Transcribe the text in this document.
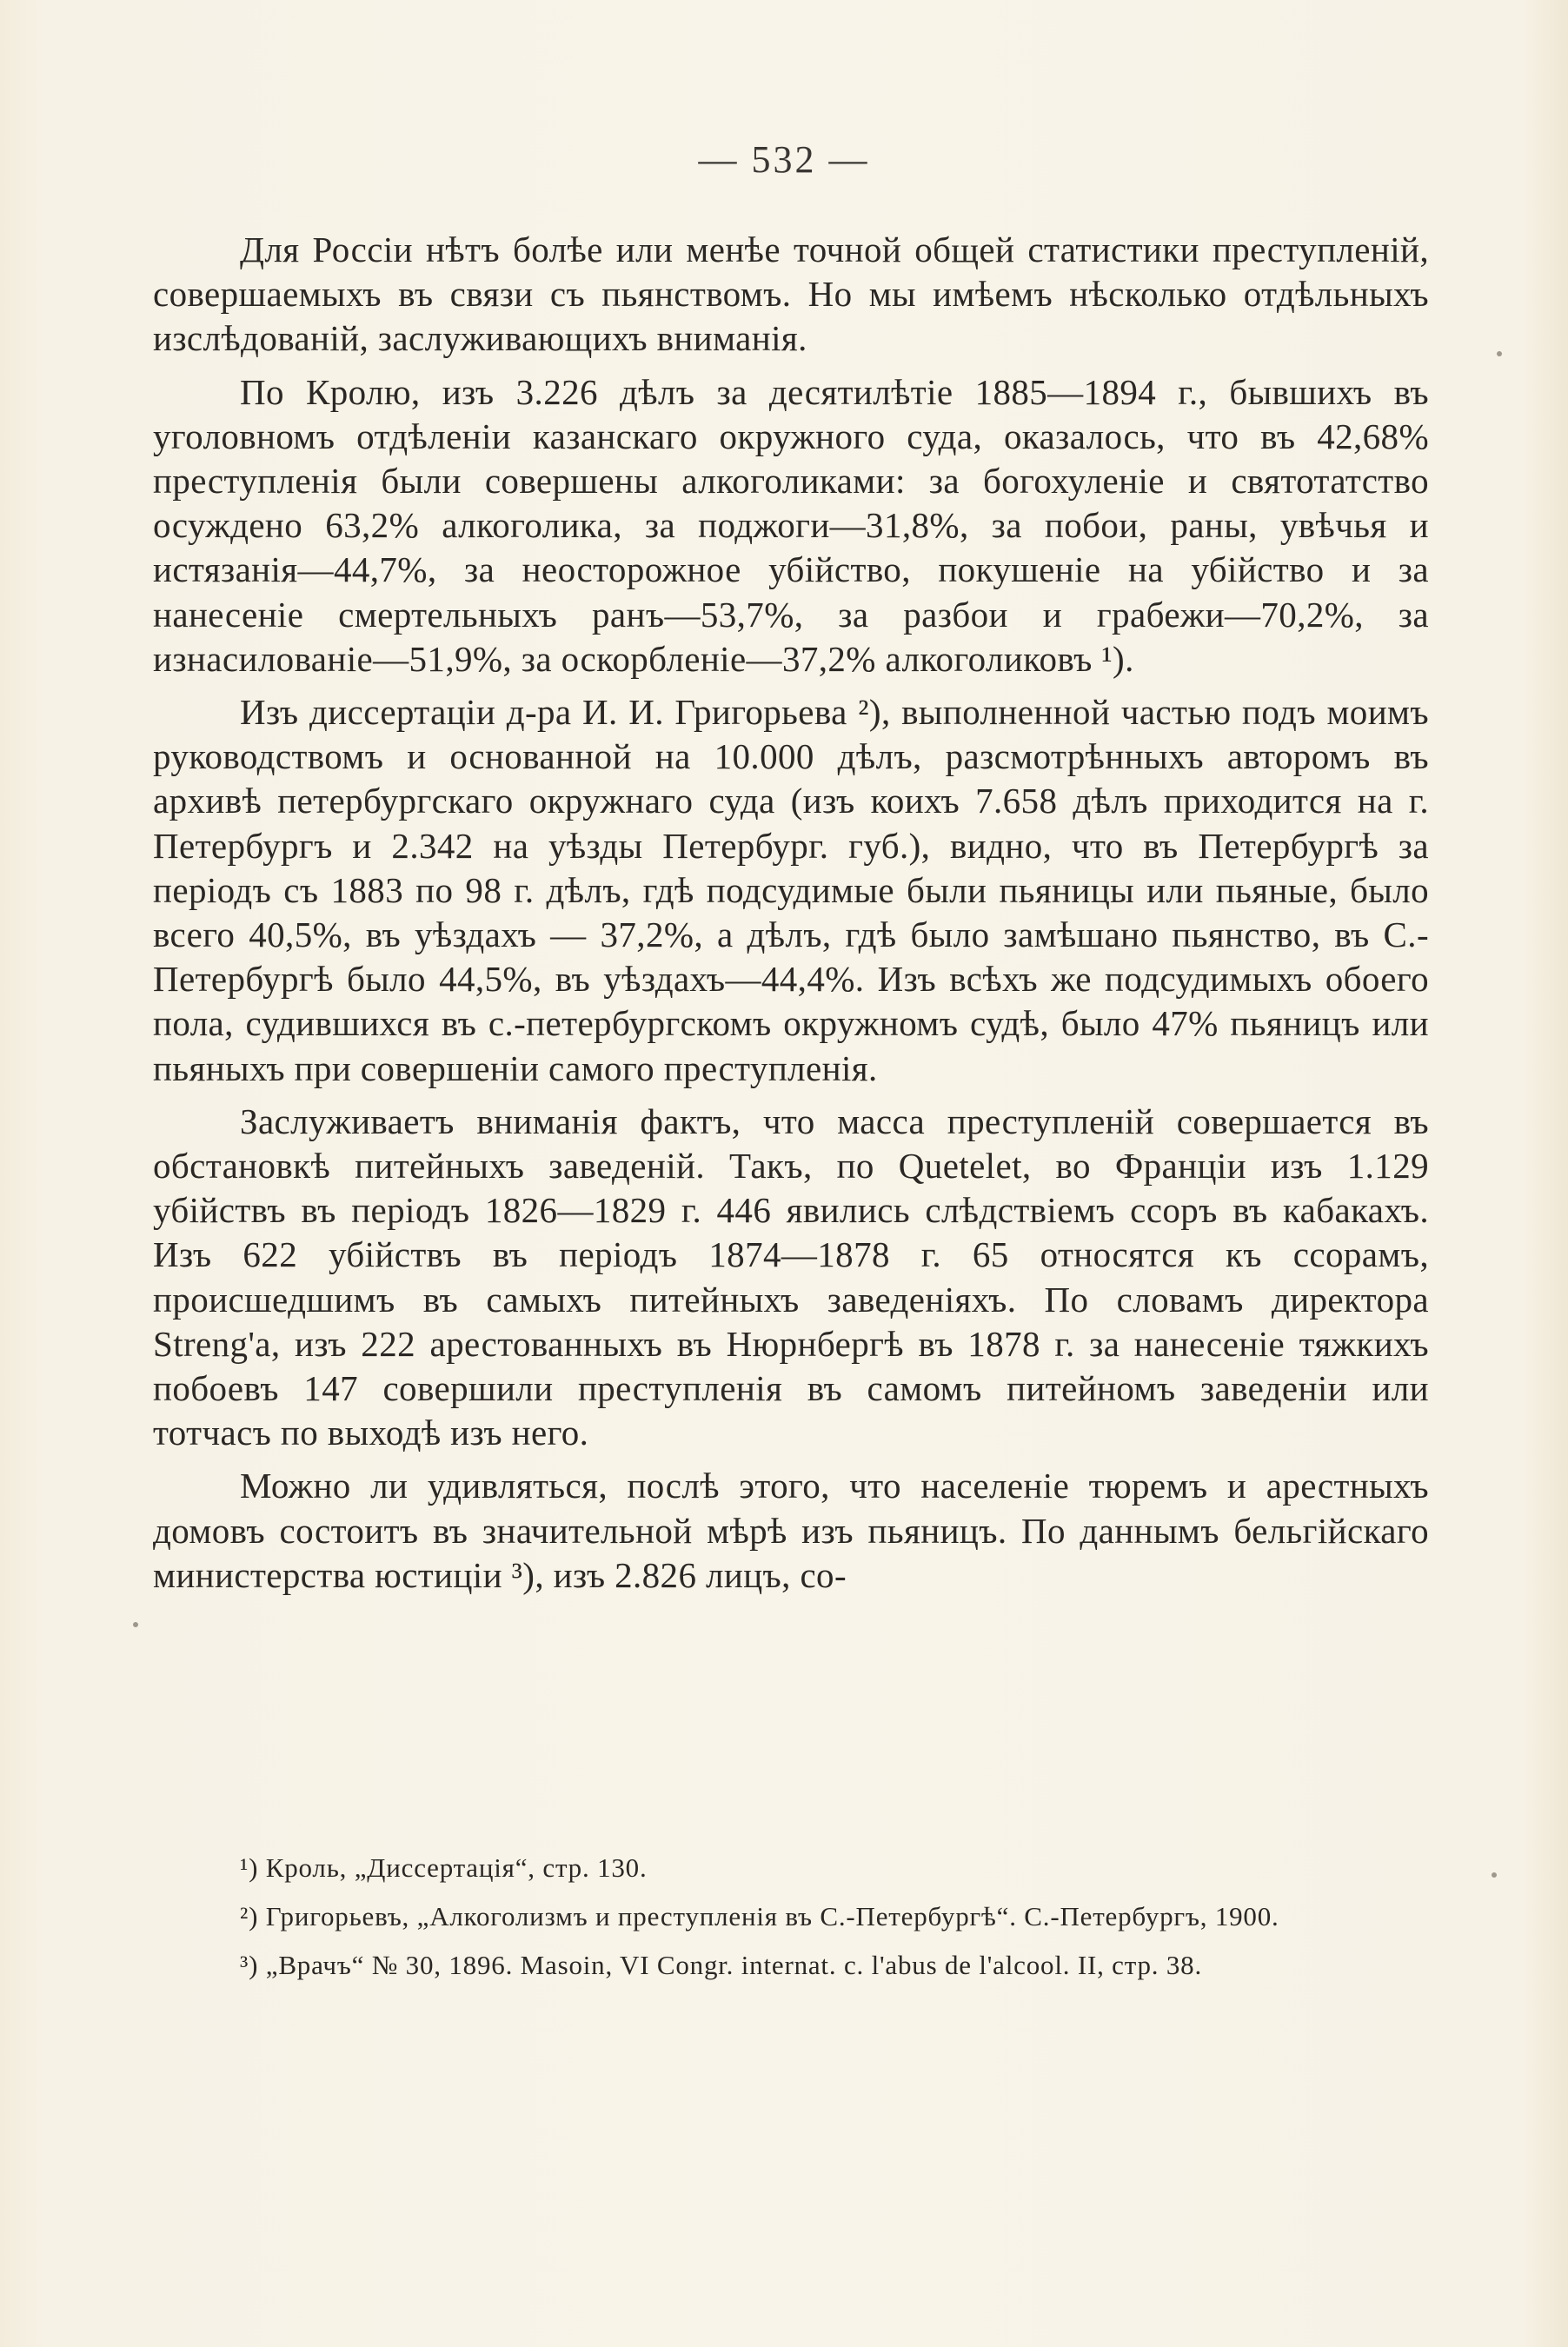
— 532 —

Для Россіи нѣтъ болѣе или менѣе точной общей статистики преступленій, совершаемыхъ въ связи съ пьянствомъ. Но мы имѣемъ нѣсколько отдѣльныхъ изслѣдованій, заслуживающихъ вниманія.

По Кролю, изъ 3.226 дѣлъ за десятилѣтіе 1885—1894 г., бывшихъ въ уголовномъ отдѣленіи казанскаго окружного суда, оказалось, что въ 42,68% преступленія были совершены алкоголиками: за богохуленіе и святотатство осуждено 63,2% алкоголика, за поджоги—31,8%, за побои, раны, увѣчья и истязанія—44,7%, за неосторожное убійство, покушеніе на убійство и за нанесеніе смертельныхъ ранъ—53,7%, за разбои и грабежи—70,2%, за изнасилованіе—51,9%, за оскорбленіе—37,2% алкоголиковъ ¹).

Изъ диссертаціи д-ра И. И. Григорьева ²), выполненной частью подъ моимъ руководствомъ и основанной на 10.000 дѣлъ, разсмотрѣнныхъ авторомъ въ архивѣ петербургскаго окружнаго суда (изъ коихъ 7.658 дѣлъ приходится на г. Петербургъ и 2.342 на уѣзды Петербург. губ.), видно, что въ Петербургѣ за періодъ съ 1883 по 98 г. дѣлъ, гдѣ подсудимые были пьяницы или пьяные, было всего 40,5%, въ уѣздахъ — 37,2%, а дѣлъ, гдѣ было замѣшано пьянство, въ С.-Петербургѣ было 44,5%, въ уѣздахъ—44,4%. Изъ всѣхъ же подсудимыхъ обоего пола, судившихся въ с.-петербургскомъ окружномъ судѣ, было 47% пьяницъ или пьяныхъ при совершеніи самого преступленія.

Заслуживаетъ вниманія фактъ, что масса преступленій совершается въ обстановкѣ питейныхъ заведеній. Такъ, по Quetelet, во Франціи изъ 1.129 убійствъ въ періодъ 1826—1829 г. 446 явились слѣдствіемъ ссоръ въ кабакахъ. Изъ 622 убійствъ въ періодъ 1874—1878 г. 65 относятся къ ссорамъ, происшедшимъ въ самыхъ питейныхъ заведеніяхъ. По словамъ директора Streng'a, изъ 222 арестованныхъ въ Нюрнбергѣ въ 1878 г. за нанесеніе тяжкихъ побоевъ 147 совершили преступленія въ самомъ питейномъ заведеніи или тотчасъ по выходѣ изъ него.

Можно ли удивляться, послѣ этого, что населеніе тюремъ и арестныхъ домовъ состоитъ въ значительной мѣрѣ изъ пьяницъ. По даннымъ бельгійскаго министерства юстиціи ³), изъ 2.826 лицъ, со-

¹) Кроль, „Диссертація“, стр. 130.

²) Григорьевъ, „Алкоголизмъ и преступленія въ С.-Петербургѣ“. С.-Петербургъ, 1900.

³) „Врачъ“ № 30, 1896. Masoin, VI Congr. internat. c. l'abus de l'alcool. II, стр. 38.
